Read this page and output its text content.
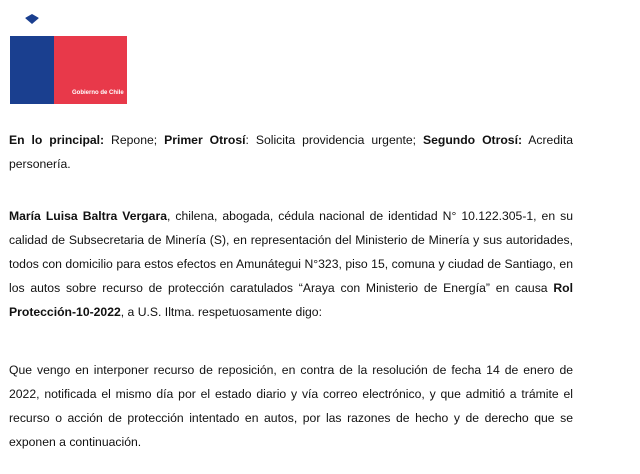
Ministerio de
Minería
Gobierno de Chile
En lo principal: Repone; Primer Otrosí: Solicita providencia urgente; Segundo Otrosí: Acredita personería.
María Luisa Baltra Vergara, chilena, abogada, cédula nacional de identidad N° 10.122.305-1, en su calidad de Subsecretaria de Minería (S), en representación del Ministerio de Minería y sus autoridades, todos con domicilio para estos efectos en Amunátegui N°323, piso 15, comuna y ciudad de Santiago, en los autos sobre recurso de protección caratulados “Araya con Ministerio de Energía” en causa Rol Protección-10-2022, a U.S. Iltma. respetuosamente digo:
Que vengo en interponer recurso de reposición, en contra de la resolución de fecha 14 de enero de 2022, notificada el mismo día por el estado diario y vía correo electrónico, y que admitió a trámite el recurso o acción de protección intentado en autos, por las razones de hecho y de derecho que se exponen a continuación.
